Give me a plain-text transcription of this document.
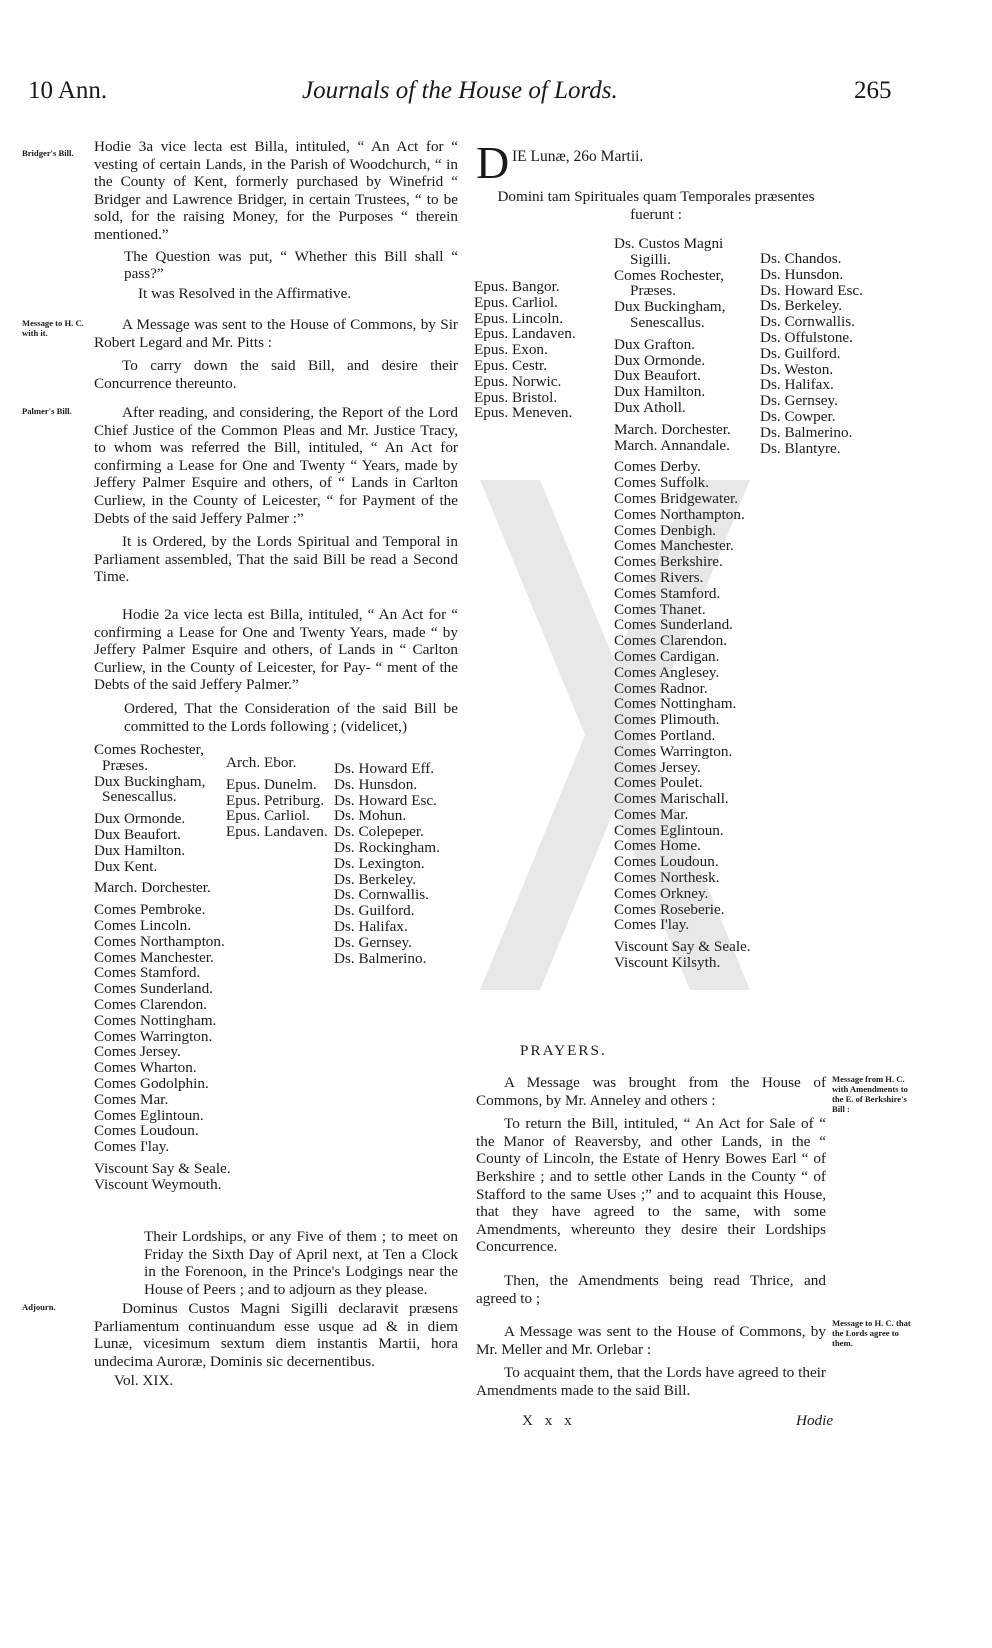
10 Ann.	Journals of the House of Lords.	265
Bridger's Bill.
Message to H. C. with it.
Palmer's Bill.
Adjourn.

Hodie 3a vice lecta est Billa, intituled, “ An Act for “ vesting of certain Lands, in the Parish of Woodchurch, “ in the County of Kent, formerly purchased by Winefrid “ Bridger and Lawrence Bridger, in certain Trustees, “ to be sold, for the raising Money, for the Purposes “ therein mentioned.”

The Question was put, “ Whether this Bill shall “ pass?”

It was Resolved in the Affirmative.

A Message was sent to the House of Commons, by Sir Robert Legard and Mr. Pitts :

To carry down the said Bill, and desire their Concurrence thereunto.

After reading, and considering, the Report of the Lord Chief Justice of the Common Pleas and Mr. Justice Tracy, to whom was referred the Bill, intituled, “ An Act for confirming a Lease for One and Twenty “ Years, made by Jeffery Palmer Esquire and others, of “ Lands in Carlton Curliew, in the County of Leicester, “ for Payment of the Debts of the said Jeffery Palmer :”

It is Ordered, by the Lords Spiritual and Temporal in Parliament assembled, That the said Bill be read a Second Time.

Hodie 2a vice lecta est Billa, intituled, “ An Act for “ confirming a Lease for One and Twenty Years, made “ by Jeffery Palmer Esquire and others, of Lands in “ Carlton Curliew, in the County of Leicester, for Pay- “ ment of the Debts of the said Jeffery Palmer.”

Ordered, That the Consideration of the said Bill be committed to the Lords following ; (videlicet,)

Comes Rochester,
Præses.
Dux Buckingham,
Senescallus.
Dux Ormonde.
Dux Beaufort.
Dux Hamilton.
Dux Kent.
March. Dorchester.
Comes Pembroke.
Comes Lincoln.
Comes Northampton.
Comes Manchester.
Comes Stamford.
Comes Sunderland.
Comes Clarendon.
Comes Nottingham.
Comes Warrington.
Comes Jersey.
Comes Wharton.
Comes Godolphin.
Comes Mar.
Comes Eglintoun.
Comes Loudoun.
Comes I'lay.
Viscount Say & Seale.
Viscount Weymouth.
Arch. Ebor.
Epus. Dunelm.
Epus. Petriburg.
Epus. Carliol.
Epus. Landaven.
Ds. Howard Eff.
Ds. Hunsdon.
Ds. Howard Esc.
Ds. Mohun.
Ds. Colepeper.
Ds. Rockingham.
Ds. Lexington.
Ds. Berkeley.
Ds. Cornwallis.
Ds. Guilford.
Ds. Halifax.
Ds. Gernsey.
Ds. Balmerino.

Their Lordships, or any Five of them ; to meet on Friday the Sixth Day of April next, at Ten a Clock in the Forenoon, in the Prince's Lodgings near the House of Peers ; and to adjourn as they please.

Dominus Custos Magni Sigilli declaravit præsens Parliamentum continuandum esse usque ad & in diem Lunæ, vicesimum sextum diem instantis Martii, hora undecima Auroræ, Dominis sic decernentibus.

Vol. XIX.

D IE Lunæ, 26o Martii.
Domini tam Spirituales quam Temporales præsentes fuerunt :
Epus. Bangor.
Epus. Carliol.
Epus. Lincoln.
Epus. Landaven.
Epus. Exon.
Epus. Cestr.
Epus. Norwic.
Epus. Bristol.
Epus. Meneven.
Ds. Custos Magni
Sigilli.
Comes Rochester,
Præses.
Dux Buckingham,
Senescallus.
Dux Grafton.
Dux Ormonde.
Dux Beaufort.
Dux Hamilton.
Dux Atholl.
March. Dorchester.
March. Annandale.
Comes Derby.
Comes Suffolk.
Comes Bridgewater.
Comes Northampton.
Comes Denbigh.
Comes Manchester.
Comes Berkshire.
Comes Rivers.
Comes Stamford.
Comes Thanet.
Comes Sunderland.
Comes Clarendon.
Comes Cardigan.
Comes Anglesey.
Comes Radnor.
Comes Nottingham.
Comes Plimouth.
Comes Portland.
Comes Warrington.
Comes Jersey.
Comes Poulet.
Comes Marischall.
Comes Mar.
Comes Eglintoun.
Comes Home.
Comes Loudoun.
Comes Northesk.
Comes Orkney.
Comes Roseberie.
Comes I'lay.
Viscount Say & Seale.
Viscount Kilsyth.
Ds. Chandos.
Ds. Hunsdon.
Ds. Howard Esc.
Ds. Berkeley.
Ds. Cornwallis.
Ds. Offulstone.
Ds. Guilford.
Ds. Weston.
Ds. Halifax.
Ds. Gernsey.
Ds. Cowper.
Ds. Balmerino.
Ds. Blantyre.
PRAYERS.
Message from H. C. with Amendments to the E. of Berkshire's Bill :
Message to H. C. that the Lords agree to them.

A Message was brought from the House of Commons, by Mr. Anneley and others :

To return the Bill, intituled, “ An Act for Sale of “ the Manor of Reaversby, and other Lands, in the “ County of Lincoln, the Estate of Henry Bowes Earl “ of Berkshire ; and to settle other Lands in the County “ of Stafford to the same Uses ;” and to acquaint this House, that they have agreed to the same, with some Amendments, whereunto they desire their Lordships Concurrence.

Then, the Amendments being read Thrice, and agreed to ;

A Message was sent to the House of Commons, by Mr. Meller and Mr. Orlebar :

To acquaint them, that the Lords have agreed to their Amendments made to the said Bill.

X x x	Hodie
